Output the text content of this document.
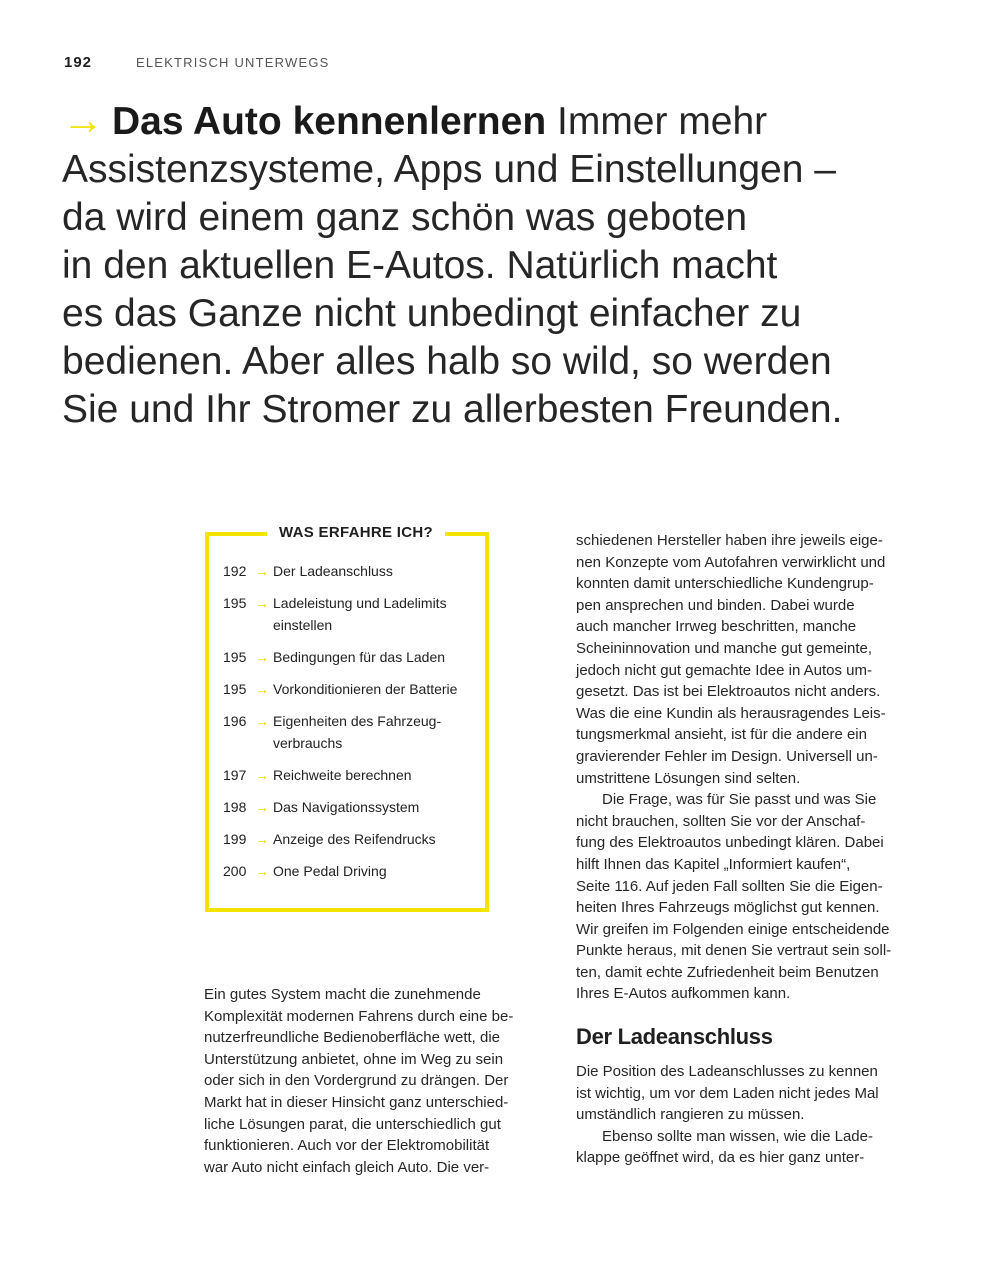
192	ELEKTRISCH UNTERWEGS
→ Das Auto kennenlernen Immer mehr
Assistenzsysteme, Apps und Einstellungen –
da wird einem ganz schön was geboten
in den aktuellen E-Autos. Natürlich macht
es das Ganze nicht unbedingt einfacher zu
bedienen. Aber alles halb so wild, so werden
Sie und Ihr Stromer zu allerbesten Freunden.
WAS ERFAHRE ICH?
192 → Der Ladeanschluss
195 → Ladeleistung und Ladelimits
einstellen
195 → Bedingungen für das Laden
195 → Vorkonditionieren der Batterie
196 → Eigenheiten des Fahrzeug-
verbrauchs
197 → Reichweite berechnen
198 → Das Navigationssystem
199 → Anzeige des Reifendrucks
200 → One Pedal Driving
Ein gutes System macht die zunehmende
Komplexität modernen Fahrens durch eine be-
nutzerfreundliche Bedienoberfläche wett, die
Unterstützung anbietet, ohne im Weg zu sein
oder sich in den Vordergrund zu drängen. Der
Markt hat in dieser Hinsicht ganz unterschied-
liche Lösungen parat, die unterschiedlich gut
funktionieren. Auch vor der Elektromobilität
war Auto nicht einfach gleich Auto. Die ver-
schiedenen Hersteller haben ihre jeweils eige-
nen Konzepte vom Autofahren verwirklicht und
konnten damit unterschiedliche Kundengrup-
pen ansprechen und binden. Dabei wurde
auch mancher Irrweg beschritten, manche
Scheininnovation und manche gut gemeinte,
jedoch nicht gut gemachte Idee in Autos um-
gesetzt. Das ist bei Elektroautos nicht anders.
Was die eine Kundin als herausragendes Leis-
tungsmerkmal ansieht, ist für die andere ein
gravierender Fehler im Design. Universell un-
umstrittene Lösungen sind selten.
Die Frage, was für Sie passt und was Sie
nicht brauchen, sollten Sie vor der Anschaf-
fung des Elektroautos unbedingt klären. Dabei
hilft Ihnen das Kapitel „Informiert kaufen“,
Seite 116. Auf jeden Fall sollten Sie die Eigen-
heiten Ihres Fahrzeugs möglichst gut kennen.
Wir greifen im Folgenden einige entscheidende
Punkte heraus, mit denen Sie vertraut sein soll-
ten, damit echte Zufriedenheit beim Benutzen
Ihres E-Autos aufkommen kann.
Der Ladeanschluss
Die Position des Ladeanschlusses zu kennen
ist wichtig, um vor dem Laden nicht jedes Mal
umständlich rangieren zu müssen.
Ebenso sollte man wissen, wie die Lade-
klappe geöffnet wird, da es hier ganz unter-
